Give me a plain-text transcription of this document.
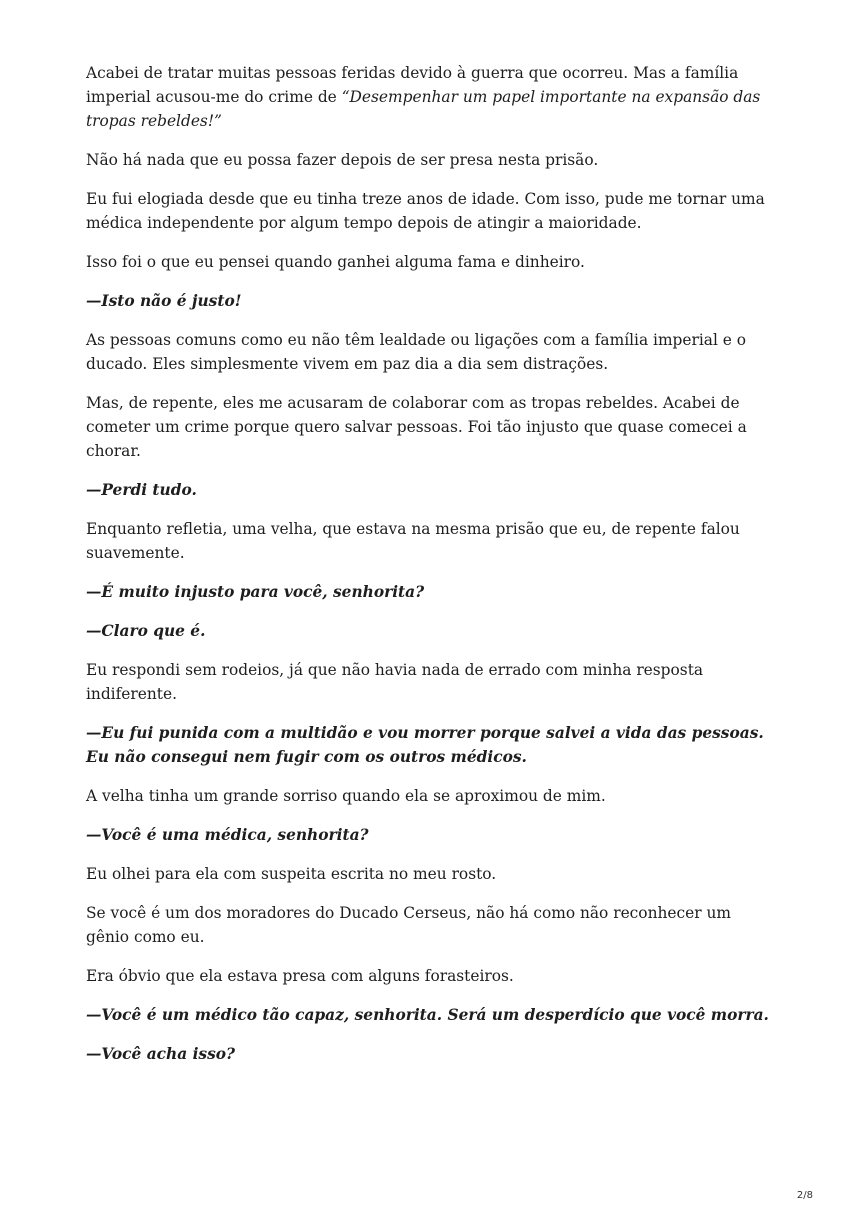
Acabei de tratar muitas pessoas feridas devido à guerra que ocorreu. Mas a família imperial acusou-me do crime de “Desempenhar um papel importante na expansão das tropas rebeldes!”

Não há nada que eu possa fazer depois de ser presa nesta prisão.

Eu fui elogiada desde que eu tinha treze anos de idade. Com isso, pude me tornar uma médica independente por algum tempo depois de atingir a maioridade.

Isso foi o que eu pensei quando ganhei alguma fama e dinheiro.

—Isto não é justo!

As pessoas comuns como eu não têm lealdade ou ligações com a família imperial e o ducado. Eles simplesmente vivem em paz dia a dia sem distrações.

Mas, de repente, eles me acusaram de colaborar com as tropas rebeldes. Acabei de cometer um crime porque quero salvar pessoas. Foi tão injusto que quase comecei a chorar.

—Perdi tudo.

Enquanto refletia, uma velha, que estava na mesma prisão que eu, de repente falou suavemente.

—É muito injusto para você, senhorita?

—Claro que é.

Eu respondi sem rodeios, já que não havia nada de errado com minha resposta indiferente.

—Eu fui punida com a multidão e vou morrer porque salvei a vida das pessoas. Eu não consegui nem fugir com os outros médicos.

A velha tinha um grande sorriso quando ela se aproximou de mim.

—Você é uma médica, senhorita?

Eu olhei para ela com suspeita escrita no meu rosto.

Se você é um dos moradores do Ducado Cerseus, não há como não reconhecer um gênio como eu.

Era óbvio que ela estava presa com alguns forasteiros.

—Você é um médico tão capaz, senhorita. Será um desperdício que você morra.

—Você acha isso?

2/8
